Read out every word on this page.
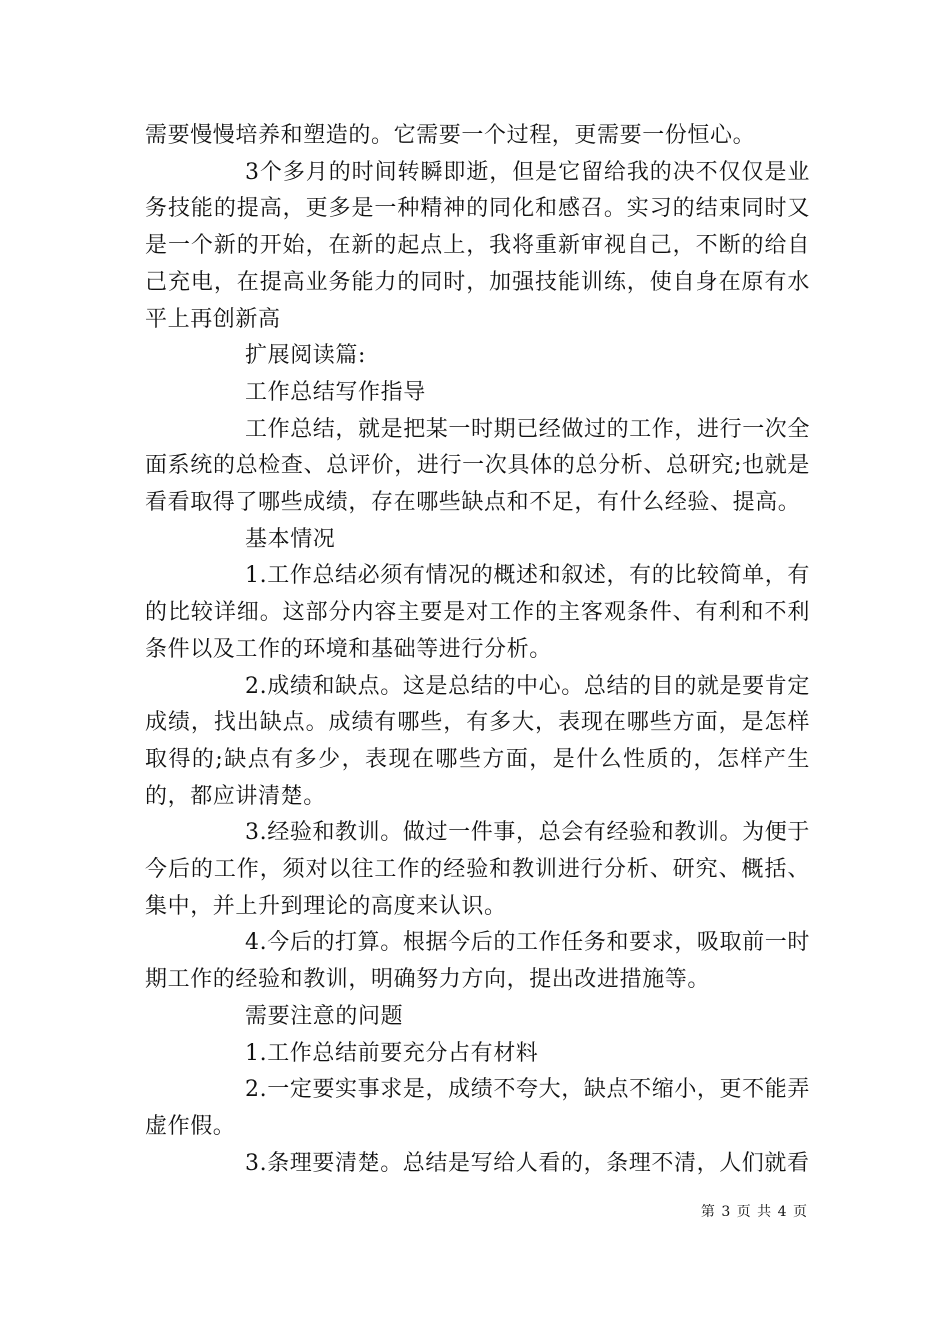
需要慢慢培养和塑造的。它需要一个过程，更需要一份恒心。

3个多月的时间转瞬即逝，但是它留给我的决不仅仅是业务技能的提高，更多是一种精神的同化和感召。实习的结束同时又是一个新的开始，在新的起点上，我将重新审视自己，不断的给自己充电，在提高业务能力的同时，加强技能训练，使自身在原有水平上再创新高

扩展阅读篇:

工作总结写作指导

工作总结，就是把某一时期已经做过的工作，进行一次全面系统的总检查、总评价，进行一次具体的总分析、总研究;也就是看看取得了哪些成绩，存在哪些缺点和不足，有什么经验、提高。

基本情况

1.工作总结必须有情况的概述和叙述，有的比较简单，有的比较详细。这部分内容主要是对工作的主客观条件、有利和不利条件以及工作的环境和基础等进行分析。

2.成绩和缺点。这是总结的中心。总结的目的就是要肯定成绩，找出缺点。成绩有哪些，有多大，表现在哪些方面，是怎样取得的;缺点有多少，表现在哪些方面，是什么性质的，怎样产生的，都应讲清楚。

3.经验和教训。做过一件事，总会有经验和教训。为便于今后的工作，须对以往工作的经验和教训进行分析、研究、概括、集中，并上升到理论的高度来认识。

4.今后的打算。根据今后的工作任务和要求，吸取前一时期工作的经验和教训，明确努力方向，提出改进措施等。

需要注意的问题

1.工作总结前要充分占有材料

2.一定要实事求是，成绩不夸大，缺点不缩小，更不能弄虚作假。

3.条理要清楚。总结是写给人看的，条理不清，人们就看

第 3 页 共 4 页
